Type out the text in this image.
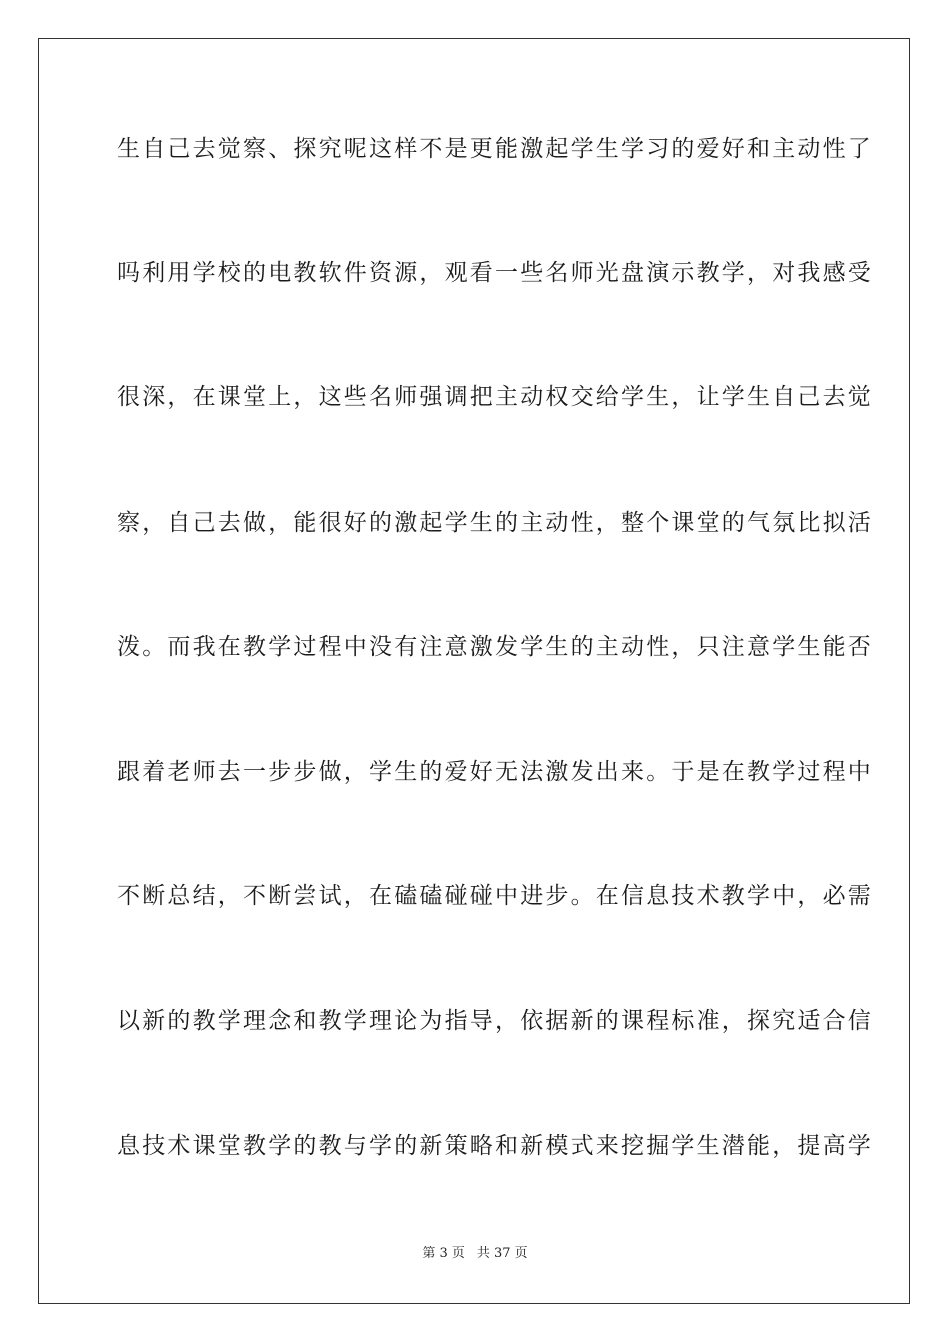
生自己去觉察、探究呢这样不是更能激起学生学习的爱好和主动性了
吗利用学校的电教软件资源，观看一些名师光盘演示教学，对我感受
很深，在课堂上，这些名师强调把主动权交给学生，让学生自己去觉
察，自己去做，能很好的激起学生的主动性，整个课堂的气氛比拟活
泼。而我在教学过程中没有注意激发学生的主动性，只注意学生能否
跟着老师去一步步做，学生的爱好无法激发出来。于是在教学过程中
不断总结，不断尝试，在磕磕碰碰中进步。在信息技术教学中，必需
以新的教学理念和教学理论为指导，依据新的课程标准，探究适合信
息技术课堂教学的教与学的新策略和新模式来挖掘学生潜能，提高学
第 3 页 共 37 页
